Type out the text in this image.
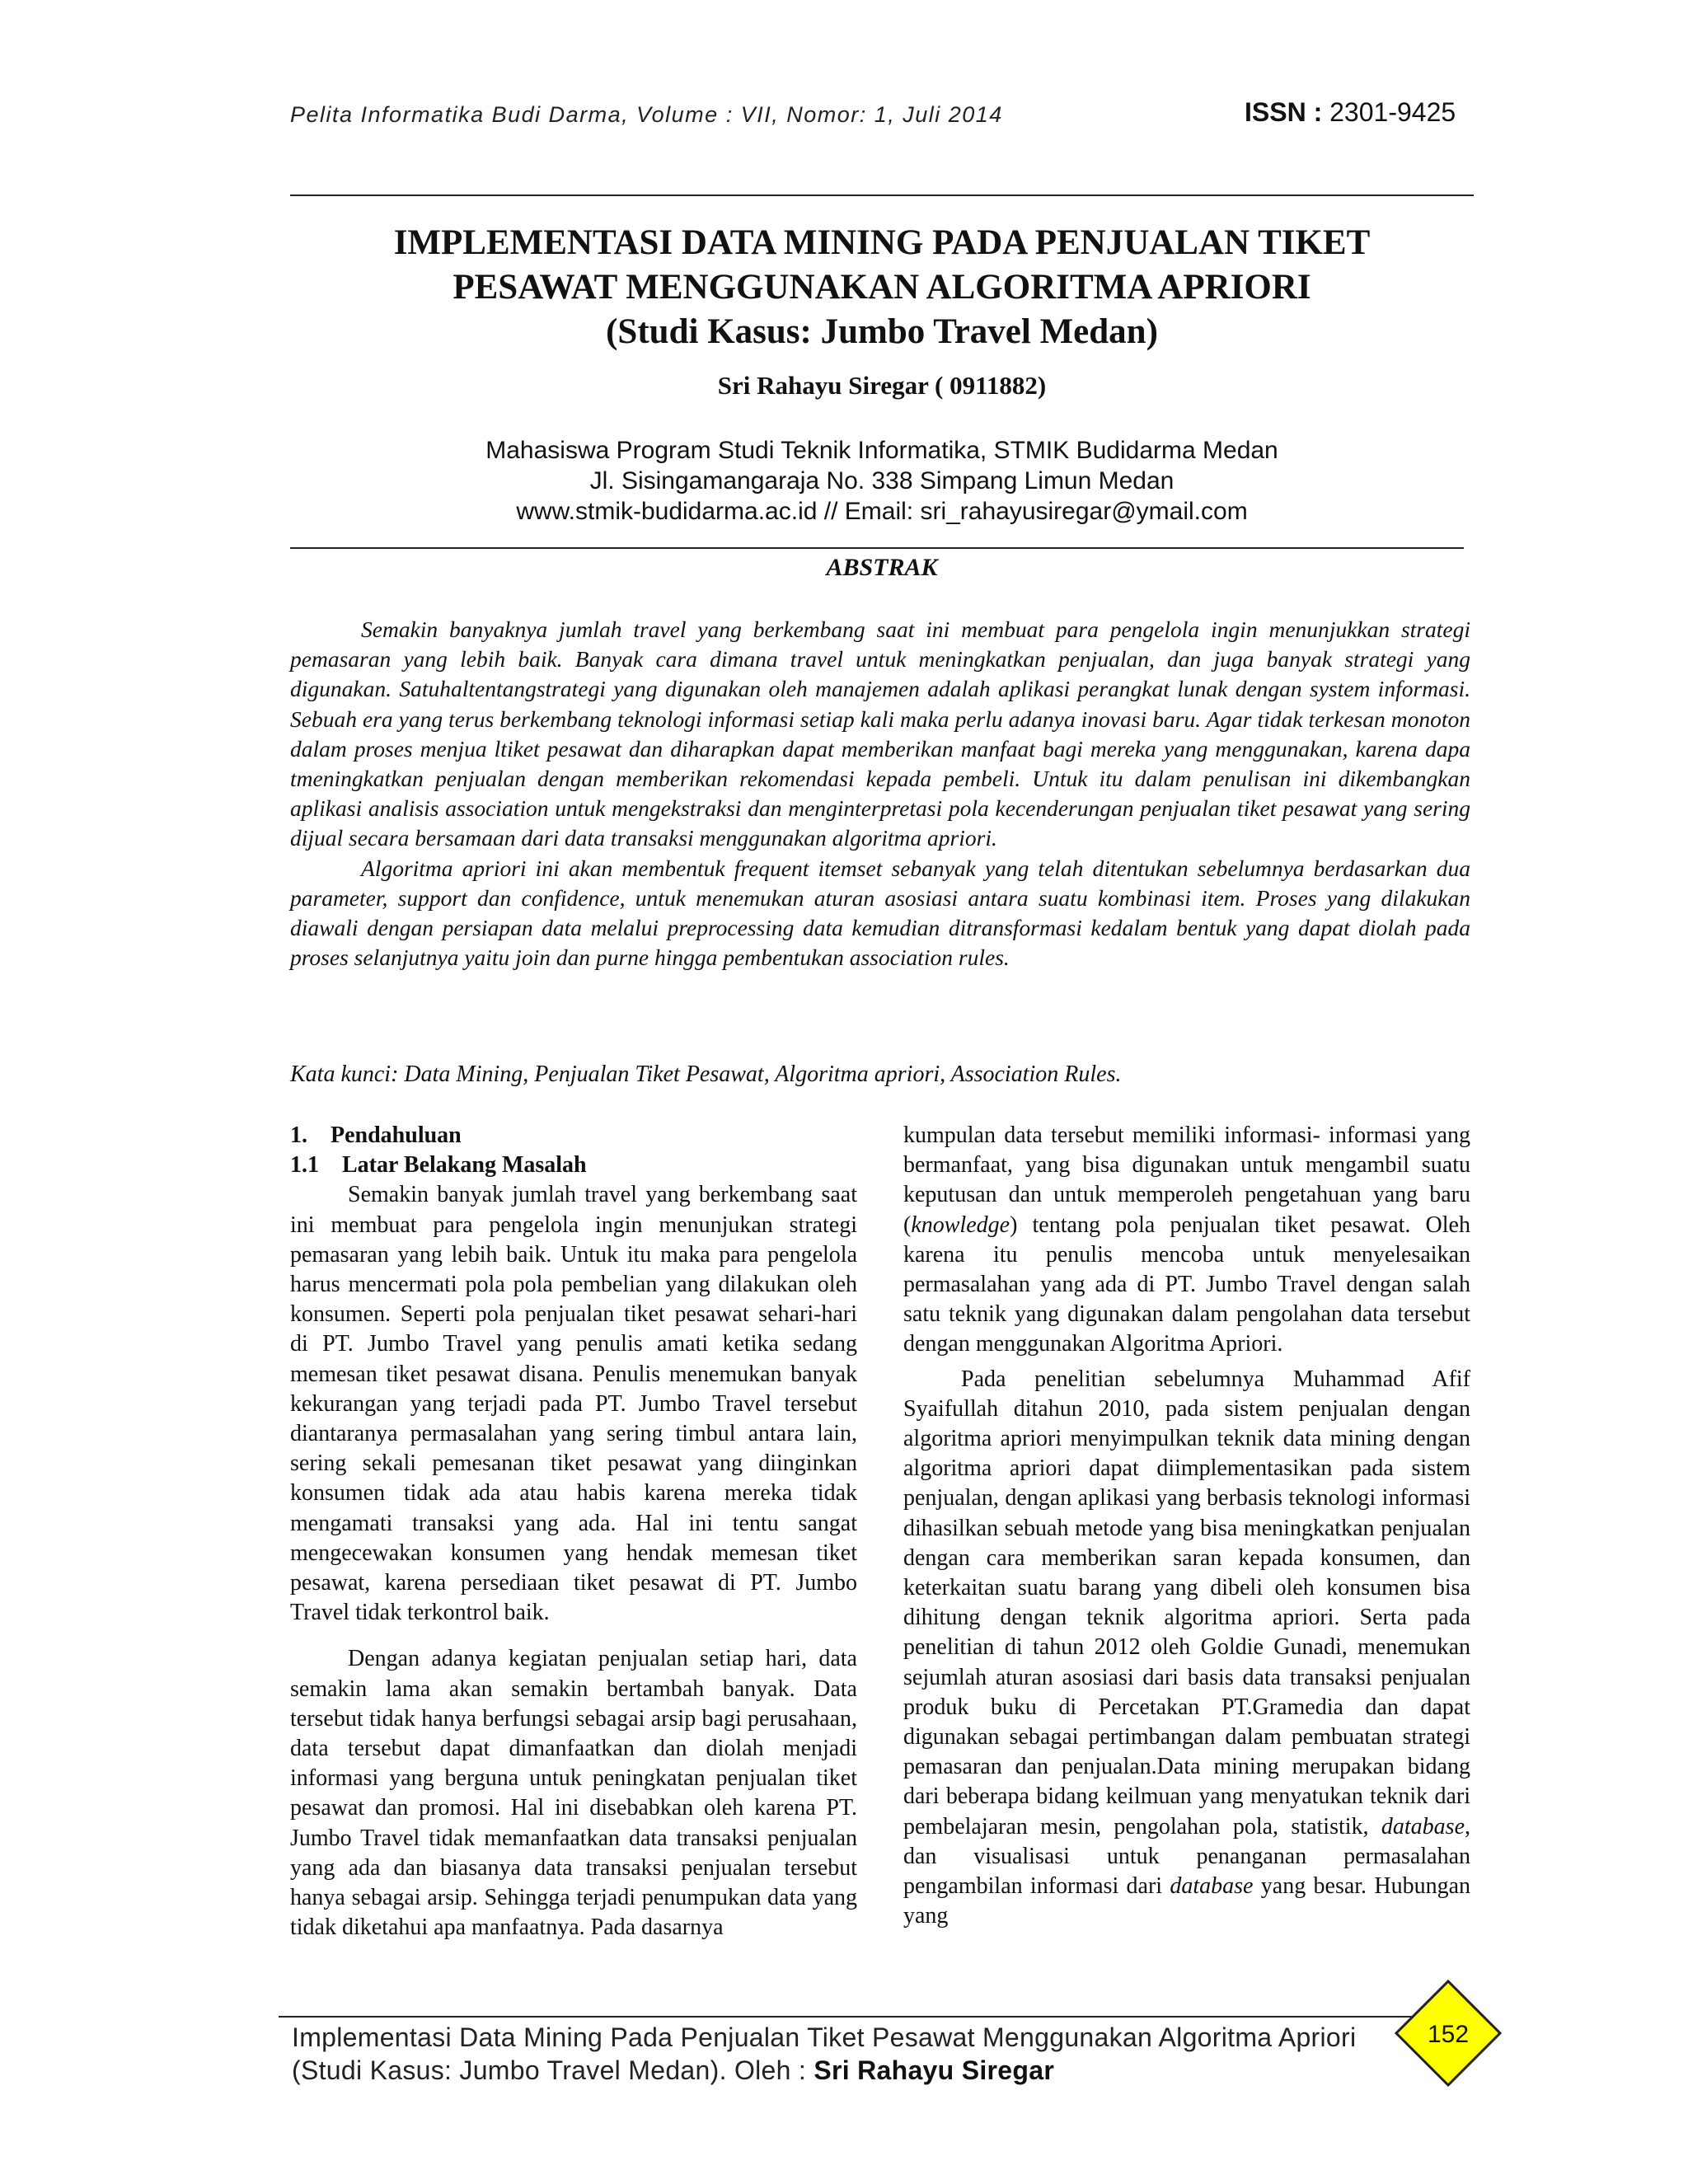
Pelita Informatika Budi Darma, Volume : VII, Nomor: 1, Juli 2014	ISSN : 2301-9425
IMPLEMENTASI DATA MINING PADA PENJUALAN TIKET
PESAWAT MENGGUNAKAN ALGORITMA APRIORI
(Studi Kasus: Jumbo Travel Medan)
Sri Rahayu Siregar ( 0911882)
Mahasiswa Program Studi Teknik Informatika, STMIK Budidarma Medan
Jl. Sisingamangaraja No. 338 Simpang Limun Medan
www.stmik-budidarma.ac.id // Email: sri_rahayusiregar@ymail.com
ABSTRAK

Semakin banyaknya jumlah travel yang berkembang saat ini membuat para pengelola ingin menunjukkan strategi pemasaran yang lebih baik. Banyak cara dimana travel untuk meningkatkan penjualan, dan juga banyak strategi yang digunakan. Satuhaltentangstrategi yang digunakan oleh manajemen adalah aplikasi perangkat lunak dengan system informasi. Sebuah era yang terus berkembang teknologi informasi setiap kali maka perlu adanya inovasi baru. Agar tidak terkesan monoton dalam proses menjua ltiket pesawat dan diharapkan dapat memberikan manfaat bagi mereka yang menggunakan, karena dapa tmeningkatkan penjualan dengan memberikan rekomendasi kepada pembeli. Untuk itu dalam penulisan ini dikembangkan aplikasi analisis association untuk mengekstraksi dan menginterpretasi pola kecenderungan penjualan tiket pesawat yang sering dijual secara bersamaan dari data transaksi menggunakan algoritma apriori.

Algoritma apriori ini akan membentuk frequent itemset sebanyak yang telah ditentukan sebelumnya berdasarkan dua parameter, support dan confidence, untuk menemukan aturan asosiasi antara suatu kombinasi item. Proses yang dilakukan diawali dengan persiapan data melalui preprocessing data kemudian ditransformasi kedalam bentuk yang dapat diolah pada proses selanjutnya yaitu join dan purne hingga pembentukan association rules.

Kata kunci: Data Mining, Penjualan Tiket Pesawat, Algoritma apriori, Association Rules.

1.    Pendahuluan

1.1    Latar Belakang Masalah

Semakin banyak jumlah travel yang berkembang saat ini membuat para pengelola ingin menunjukan strategi pemasaran yang lebih baik. Untuk itu maka para pengelola harus mencermati pola pola pembelian yang dilakukan oleh konsumen. Seperti pola penjualan tiket pesawat sehari-hari di PT. Jumbo Travel yang penulis amati ketika sedang memesan tiket pesawat disana. Penulis menemukan banyak kekurangan yang terjadi pada PT. Jumbo Travel tersebut diantaranya permasalahan yang sering timbul antara lain, sering sekali pemesanan tiket pesawat yang diinginkan konsumen tidak ada atau habis karena mereka tidak mengamati transaksi yang ada. Hal ini tentu sangat mengecewakan konsumen yang hendak memesan tiket pesawat, karena persediaan tiket pesawat di PT. Jumbo Travel tidak terkontrol baik.

Dengan adanya kegiatan penjualan setiap hari, data semakin lama akan semakin bertambah banyak. Data tersebut tidak hanya berfungsi sebagai arsip bagi perusahaan, data tersebut dapat dimanfaatkan dan diolah menjadi informasi yang berguna untuk peningkatan penjualan tiket pesawat dan promosi. Hal ini disebabkan oleh karena PT. Jumbo Travel tidak memanfaatkan data transaksi penjualan yang ada dan biasanya data transaksi penjualan tersebut hanya sebagai arsip. Sehingga terjadi penumpukan data yang tidak diketahui apa manfaatnya. Pada dasarnya

kumpulan data tersebut memiliki informasi- informasi yang bermanfaat, yang bisa digunakan untuk mengambil suatu keputusan dan untuk memperoleh pengetahuan yang baru (knowledge) tentang pola penjualan tiket pesawat. Oleh karena itu penulis mencoba untuk menyelesaikan permasalahan yang ada di PT. Jumbo Travel dengan salah satu teknik yang digunakan dalam pengolahan data tersebut dengan menggunakan Algoritma Apriori.

Pada penelitian sebelumnya Muhammad Afif Syaifullah ditahun 2010, pada sistem penjualan dengan algoritma apriori menyimpulkan teknik data mining dengan algoritma apriori dapat diimplementasikan pada sistem penjualan, dengan aplikasi yang berbasis teknologi informasi dihasilkan sebuah metode yang bisa meningkatkan penjualan dengan cara memberikan saran kepada konsumen, dan keterkaitan suatu barang yang dibeli oleh konsumen bisa dihitung dengan teknik algoritma apriori. Serta pada penelitian di tahun 2012 oleh Goldie Gunadi, menemukan sejumlah aturan asosiasi dari basis data transaksi penjualan produk buku di Percetakan PT.Gramedia dan dapat digunakan sebagai pertimbangan dalam pembuatan strategi pemasaran dan penjualan.Data mining merupakan bidang dari beberapa bidang keilmuan yang menyatukan teknik dari pembelajaran mesin, pengolahan pola, statistik, database, dan visualisasi untuk penanganan permasalahan pengambilan informasi dari database yang besar. Hubungan yang

Implementasi Data Mining Pada Penjualan Tiket Pesawat Menggunakan Algoritma Apriori
(Studi Kasus: Jumbo Travel Medan). Oleh : Sri Rahayu Siregar
152
